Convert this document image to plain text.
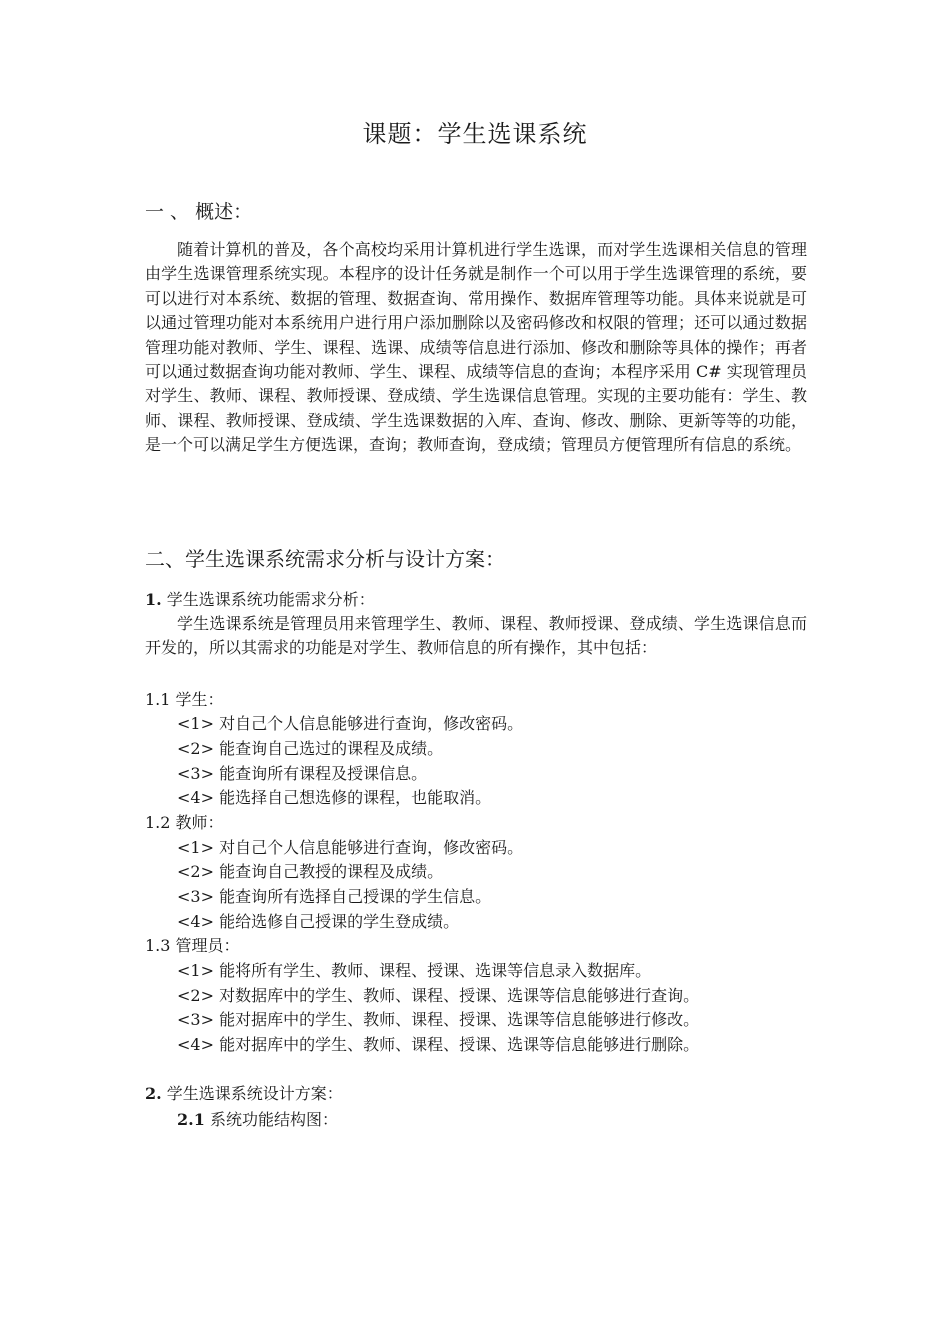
课题：学生选课系统
一 、 概述：
随着计算机的普及，各个高校均采用计算机进行学生选课，而对学生选课相关信息的管理由学生选课管理系统实现。本程序的设计任务就是制作一个可以用于学生选课管理的系统，要可以进行对本系统、数据的管理、数据查询、常用操作、数据库管理等功能。具体来说就是可以通过管理功能对本系统用户进行用户添加删除以及密码修改和权限的管理；还可以通过数据管理功能对教师、学生、课程、选课、成绩等信息进行添加、修改和删除等具体的操作；再者可以通过数据查询功能对教师、学生、课程、成绩等信息的查询；本程序采用 C# 实现管理员对学生、教师、课程、教师授课、登成绩、学生选课信息管理。实现的主要功能有：学生、教师、课程、教师授课、登成绩、学生选课数据的入库、查询、修改、删除、更新等等的功能，是一个可以满足学生方便选课，查询；教师查询，登成绩；管理员方便管理所有信息的系统。
二、学生选课系统需求分析与设计方案：
1. 学生选课系统功能需求分析：
学生选课系统是管理员用来管理学生、教师、课程、教师授课、登成绩、学生选课信息而开发的，所以其需求的功能是对学生、教师信息的所有操作，其中包括：
1.1 学生：
<1> 对自己个人信息能够进行查询，修改密码。
<2> 能查询自己选过的课程及成绩。
<3> 能查询所有课程及授课信息。
<4> 能选择自己想选修的课程，也能取消。
1.2 教师：
<1> 对自己个人信息能够进行查询，修改密码。
<2> 能查询自己教授的课程及成绩。
<3> 能查询所有选择自己授课的学生信息。
<4> 能给选修自己授课的学生登成绩。
1.3 管理员：
<1> 能将所有学生、教师、课程、授课、选课等信息录入数据库。
<2> 对数据库中的学生、教师、课程、授课、选课等信息能够进行查询。
<3> 能对据库中的学生、教师、课程、授课、选课等信息能够进行修改。
<4> 能对据库中的学生、教师、课程、授课、选课等信息能够进行删除。
2. 学生选课系统设计方案：
2.1 系统功能结构图：
